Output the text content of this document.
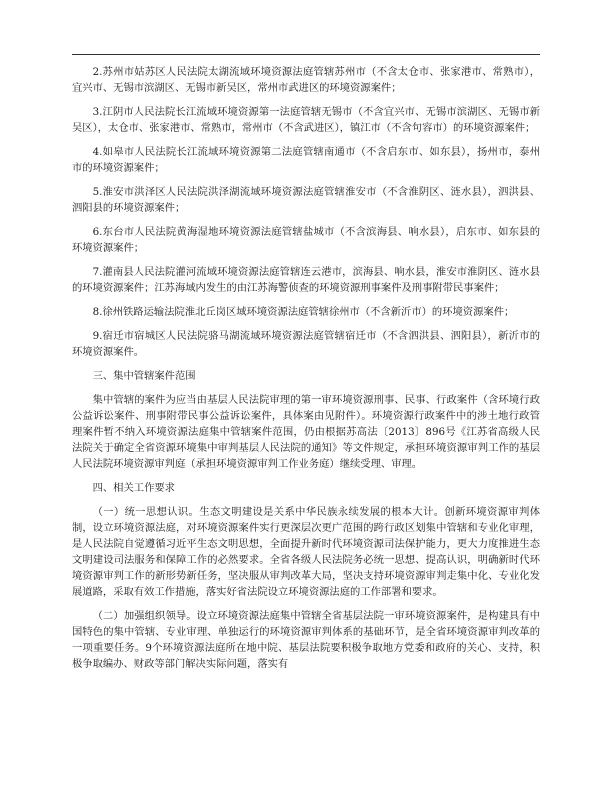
2.苏州市姑苏区人民法院太湖流域环境资源法庭管辖苏州市（不含太仓市、张家港市、常熟市），宜兴市、无锡市滨湖区、无锡市新吴区，常州市武进区的环境资源案件；

3.江阴市人民法院长江流域环境资源第一法庭管辖无锡市（不含宜兴市、无锡市滨湖区、无锡市新吴区），太仓市、张家港市、常熟市，常州市（不含武进区），镇江市（不含句容市）的环境资源案件；

4.如皋市人民法院长江流域环境资源第二法庭管辖南通市（不含启东市、如东县），扬州市，泰州市的环境资源案件；

5.淮安市洪泽区人民法院洪泽湖流域环境资源法庭管辖淮安市（不含淮阴区、涟水县），泗洪县、泗阳县的环境资源案件；

6.东台市人民法院黄海湿地环境资源法庭管辖盐城市（不含滨海县、响水县），启东市、如东县的环境资源案件；

7.灌南县人民法院灌河流域环境资源法庭管辖连云港市，滨海县、响水县，淮安市淮阴区、涟水县的环境资源案件；江苏海域内发生的由江苏海警侦查的环境资源刑事案件及刑事附带民事案件；

8.徐州铁路运输法院淮北丘岗区域环境资源法庭管辖徐州市（不含新沂市）的环境资源案件；

9.宿迁市宿城区人民法院骆马湖流域环境资源法庭管辖宿迁市（不含泗洪县、泗阳县），新沂市的环境资源案件。

三、集中管辖案件范围

集中管辖的案件为应当由基层人民法院审理的第一审环境资源刑事、民事、行政案件（含环境行政公益诉讼案件、刑事附带民事公益诉讼案件，具体案由见附件）。环境资源行政案件中的涉土地行政管理案件暂不纳入环境资源法庭集中管辖案件范围，仍由根据苏高法〔2013〕896号《江苏省高级人民法院关于确定全省资源环境集中审判基层人民法院的通知》等文件规定，承担环境资源审判工作的基层人民法院环境资源审判庭（承担环境资源审判工作业务庭）继续受理、审理。

四、相关工作要求

（一）统一思想认识。生态文明建设是关系中华民族永续发展的根本大计。创新环境资源审判体制，设立环境资源法庭，对环境资源案件实行更深层次更广范围的跨行政区划集中管辖和专业化审理，是人民法院自觉遵循习近平生态文明思想，全面提升新时代环境资源司法保护能力，更大力度推进生态文明建设司法服务和保障工作的必然要求。全省各级人民法院务必统一思想、提高认识，明确新时代环境资源审判工作的新形势新任务，坚决服从审判改革大局，坚决支持环境资源审判走集中化、专业化发展道路，采取有效工作措施，落实好省法院设立环境资源法庭的工作部署和要求。

（二）加强组织领导。设立环境资源法庭集中管辖全省基层法院一审环境资源案件，是构建具有中国特色的集中管辖、专业审理、单独运行的环境资源审判体系的基础环节，是全省环境资源审判改革的一项重要任务。9个环境资源法庭所在地中院、基层法院要积极争取地方党委和政府的关心、支持，积极争取编办、财政等部门解决实际问题，落实有
